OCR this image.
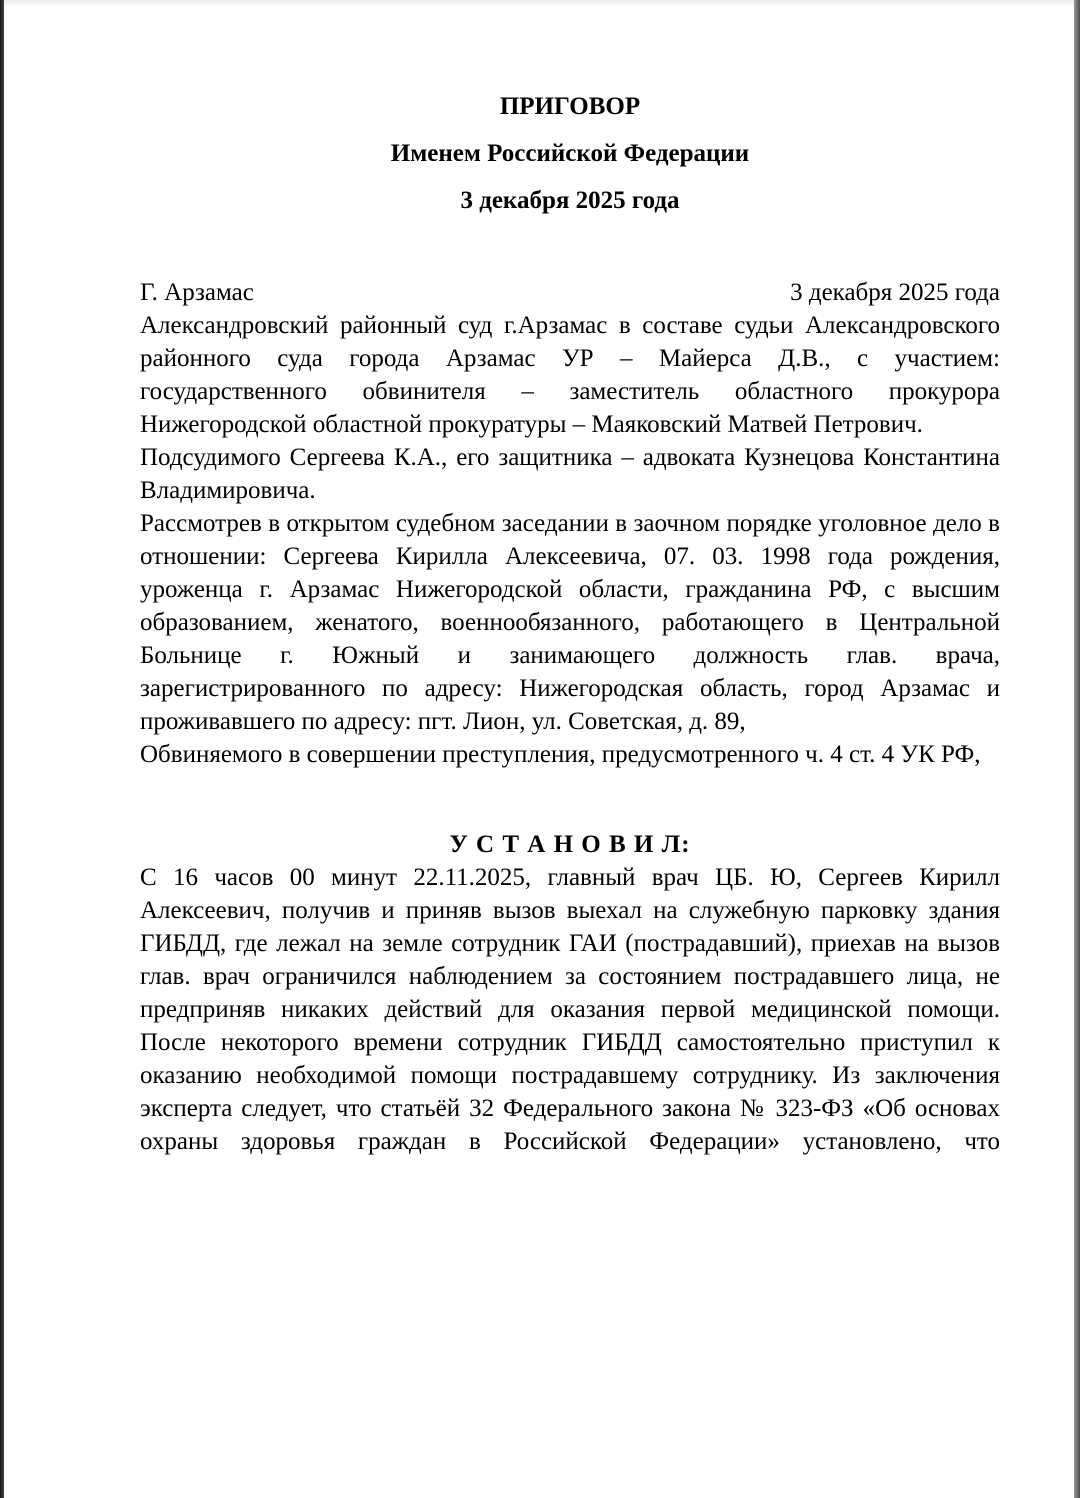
ПРИГОВОР

Именем Российской Федерации

3 декабря 2025 года

Г. Арзамас	3 декабря 2025 года

Александровский районный суд г.Арзамас в составе судьи Александровского районного суда города Арзамас УР – Майерса Д.В., с участием: государственного обвинителя – заместитель областного прокурора Нижегородской областной прокуратуры – Маяковский Матвей Петрович.

Подсудимого Сергеева К.А., его защитника – адвоката Кузнецова Константина Владимировича.

Рассмотрев в открытом судебном заседании в заочном порядке уголовное дело в отношении: Сергеева Кирилла Алексеевича, 07. 03. 1998 года рождения, уроженца г. Арзамас Нижегородской области, гражданина РФ, с высшим образованием, женатого, военнообязанного, работающего в Центральной Больнице г. Южный и занимающего должность глав. врача, зарегистрированного по адресу: Нижегородская область, город Арзамас и проживавшего по адресу: пгт. Лион, ул. Советская, д. 89,

Обвиняемого в совершении преступления, предусмотренного ч. 4 ст. 4 УК РФ,

У С Т А Н О В И Л:

С 16 часов 00 минут 22.11.2025, главный врач ЦБ. Ю, Сергеев Кирилл Алексеевич, получив и приняв вызов выехал на служебную парковку здания ГИБДД, где лежал на земле сотрудник ГАИ (пострадавший), приехав на вызов глав. врач ограничился наблюдением за состоянием пострадавшего лица, не предприняв никаких действий для оказания первой медицинской помощи. После некоторого времени сотрудник ГИБДД самостоятельно приступил к оказанию необходимой помощи пострадавшему сотруднику. Из заключения эксперта следует, что статьёй 32 Федерального закона № 323-ФЗ «Об основах охраны здоровья граждан в Российской Федерации» установлено, что
